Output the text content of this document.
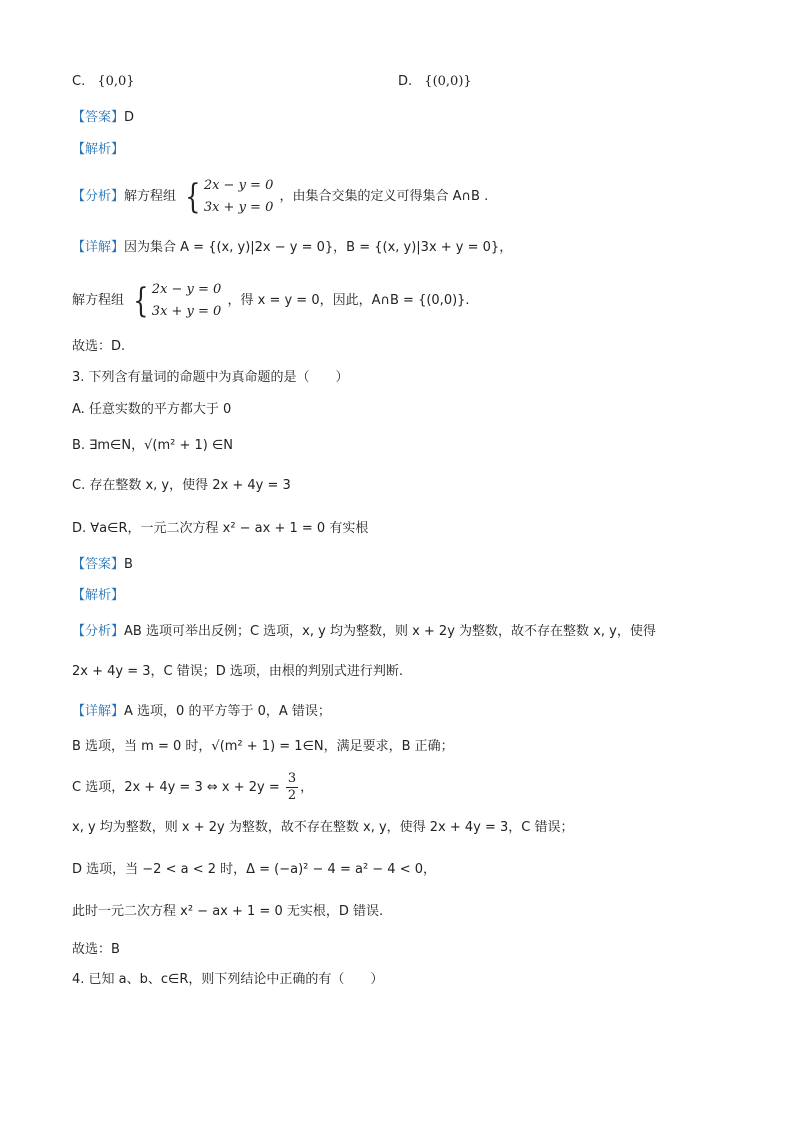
C. {0,0}	D. {(0,0)}
【答案】D
【解析】
【分析】解方程组 { 2x − y = 0
3x + y = 0
，由集合交集的定义可得集合 A∩B .
【详解】因为集合 A = {(x, y)|2x − y = 0}，B = {(x, y)|3x + y = 0}，
解方程组 { 2x − y = 0
3x + y = 0
，得 x = y = 0，因此，A∩B = {(0,0)}.
故选：D.
3. 下列含有量词的命题中为真命题的是（　　）
A. 任意实数的平方都大于 0
B. ∃m∈N，√(m² + 1) ∈N
C. 存在整数 x, y，使得 2x + 4y = 3
D. ∀a∈R，一元二次方程 x² − ax + 1 = 0 有实根
【答案】B
【解析】
【分析】AB 选项可举出反例；C 选项，x, y 均为整数，则 x + 2y 为整数，故不存在整数 x, y，使得
2x + 4y = 3，C 错误；D 选项，由根的判别式进行判断.
【详解】A 选项，0 的平方等于 0，A 错误；
B 选项，当 m = 0 时，√(m² + 1) = 1∈N，满足要求，B 正确；
C 选项，2x + 4y = 3 ⇔ $x + 2y = \frac{3}{2}$ ，
x, y 均为整数，则 x + 2y 为整数，故不存在整数 x, y，使得 2x + 4y = 3，C 错误；
D 选项，当 −2 < a < 2 时，Δ = (−a)² − 4 = a² − 4 < 0，
此时一元二次方程 x² − ax + 1 = 0 无实根，D 错误.
故选：B
4. 已知 a、b、c∈R，则下列结论中正确的有（　　）
